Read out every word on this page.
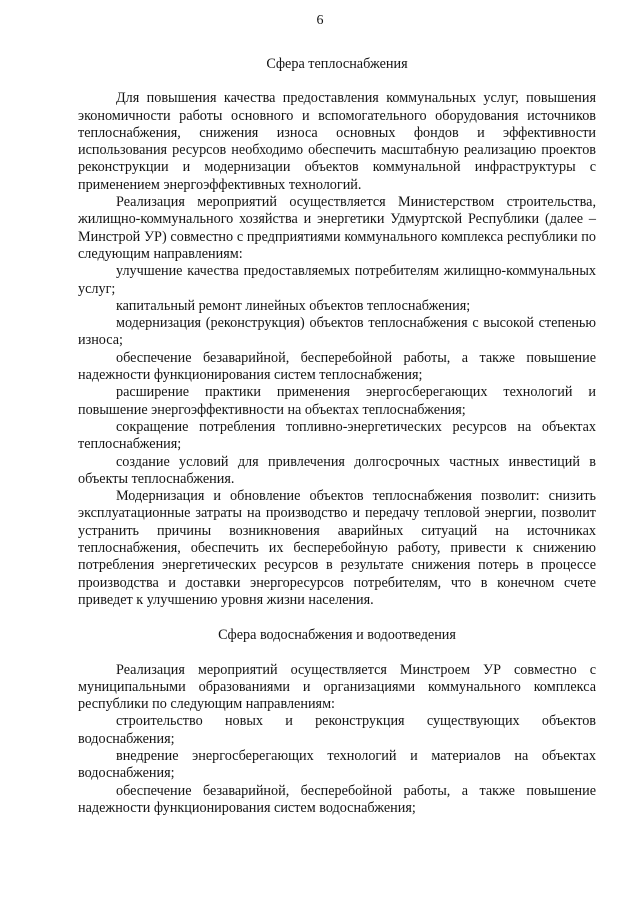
6
Сфера теплоснабжения

Для повышения качества предоставления коммунальных услуг, повышения экономичности работы основного и вспомогательного оборудования источников теплоснабжения, снижения износа основных фондов и эффективности использования ресурсов необходимо обеспечить масштабную реализацию проектов реконструкции и модернизации объектов коммунальной инфраструктуры с применением энергоэффективных технологий.

Реализация мероприятий осуществляется Министерством строительства, жилищно-коммунального хозяйства и энергетики Удмуртской Республики (далее – Минстрой УР) совместно с предприятиями коммунального комплекса республики по следующим направлениям:

улучшение качества предоставляемых потребителям жилищно-коммунальных услуг;

капитальный ремонт линейных объектов теплоснабжения;

модернизация (реконструкция) объектов теплоснабжения с высокой степенью износа;

обеспечение безаварийной, бесперебойной работы, а также повышение надежности функционирования систем теплоснабжения;

расширение практики применения энергосберегающих технологий и повышение энергоэффективности на объектах теплоснабжения;

сокращение потребления топливно-энергетических ресурсов на объектах теплоснабжения;

создание условий для привлечения долгосрочных частных инвестиций в объекты теплоснабжения.

Модернизация и обновление объектов теплоснабжения позволит: снизить эксплуатационные затраты на производство и передачу тепловой энергии, позволит устранить причины возникновения аварийных ситуаций на источниках теплоснабжения, обеспечить их бесперебойную работу, привести к снижению потребления энергетических ресурсов в результате снижения потерь в процессе производства и доставки энергоресурсов потребителям, что в конечном счете приведет к улучшению уровня жизни населения.

Сфера водоснабжения и водоотведения

Реализация мероприятий осуществляется Минстроем УР совместно с муниципальными образованиями и организациями коммунального комплекса республики по следующим направлениям:

строительство новых и реконструкция существующих объектов водоснабжения;

внедрение энергосберегающих технологий и материалов на объектах водоснабжения;

обеспечение безаварийной, бесперебойной работы, а также повышение надежности функционирования систем водоснабжения;
